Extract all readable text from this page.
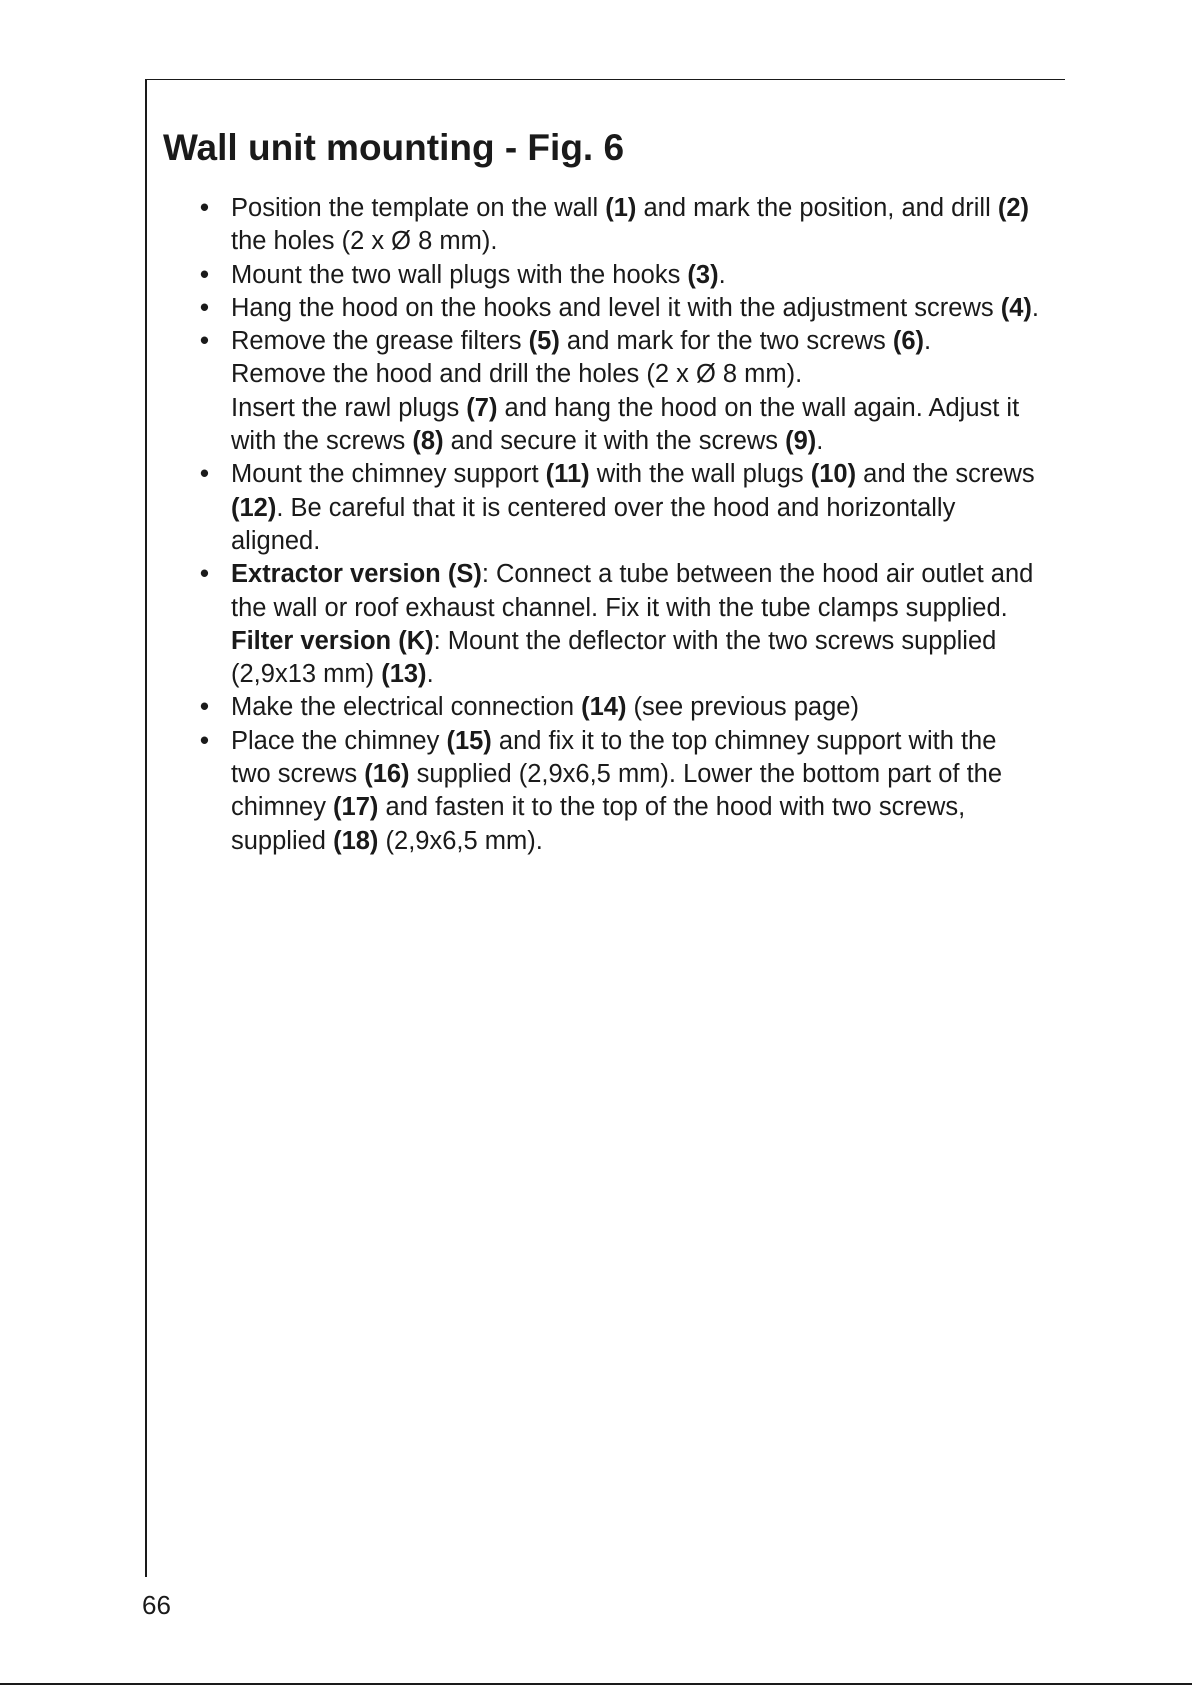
Wall unit mounting - Fig. 6
• Position the template on the wall (1) and mark the position, and drill (2) the holes (2 x Ø 8 mm).
• Mount the two wall plugs with the hooks (3).
• Hang the hood on the hooks and level it with the adjustment screws (4).
• Remove the grease filters (5) and mark for the two screws (6).
Remove the hood and drill the holes (2 x Ø 8 mm).
Insert the rawl plugs (7) and hang the hood on the wall again. Adjust it with the screws (8) and secure it with the screws (9).
• Mount the chimney support (11) with the wall plugs (10) and the screws (12). Be careful that it is centered over the hood and horizontally aligned.
• Extractor version (S): Connect a tube between the hood air outlet and the wall or roof exhaust channel. Fix it with the tube clamps supplied.
Filter version (K): Mount the deflector with the two screws supplied (2,9x13 mm) (13).
• Make the electrical connection (14) (see previous page)
• Place the chimney (15) and fix it to the top chimney support with the two screws (16) supplied (2,9x6,5 mm). Lower the bottom part of the chimney (17) and fasten it to the top of the hood with two screws, supplied (18) (2,9x6,5 mm).
66
